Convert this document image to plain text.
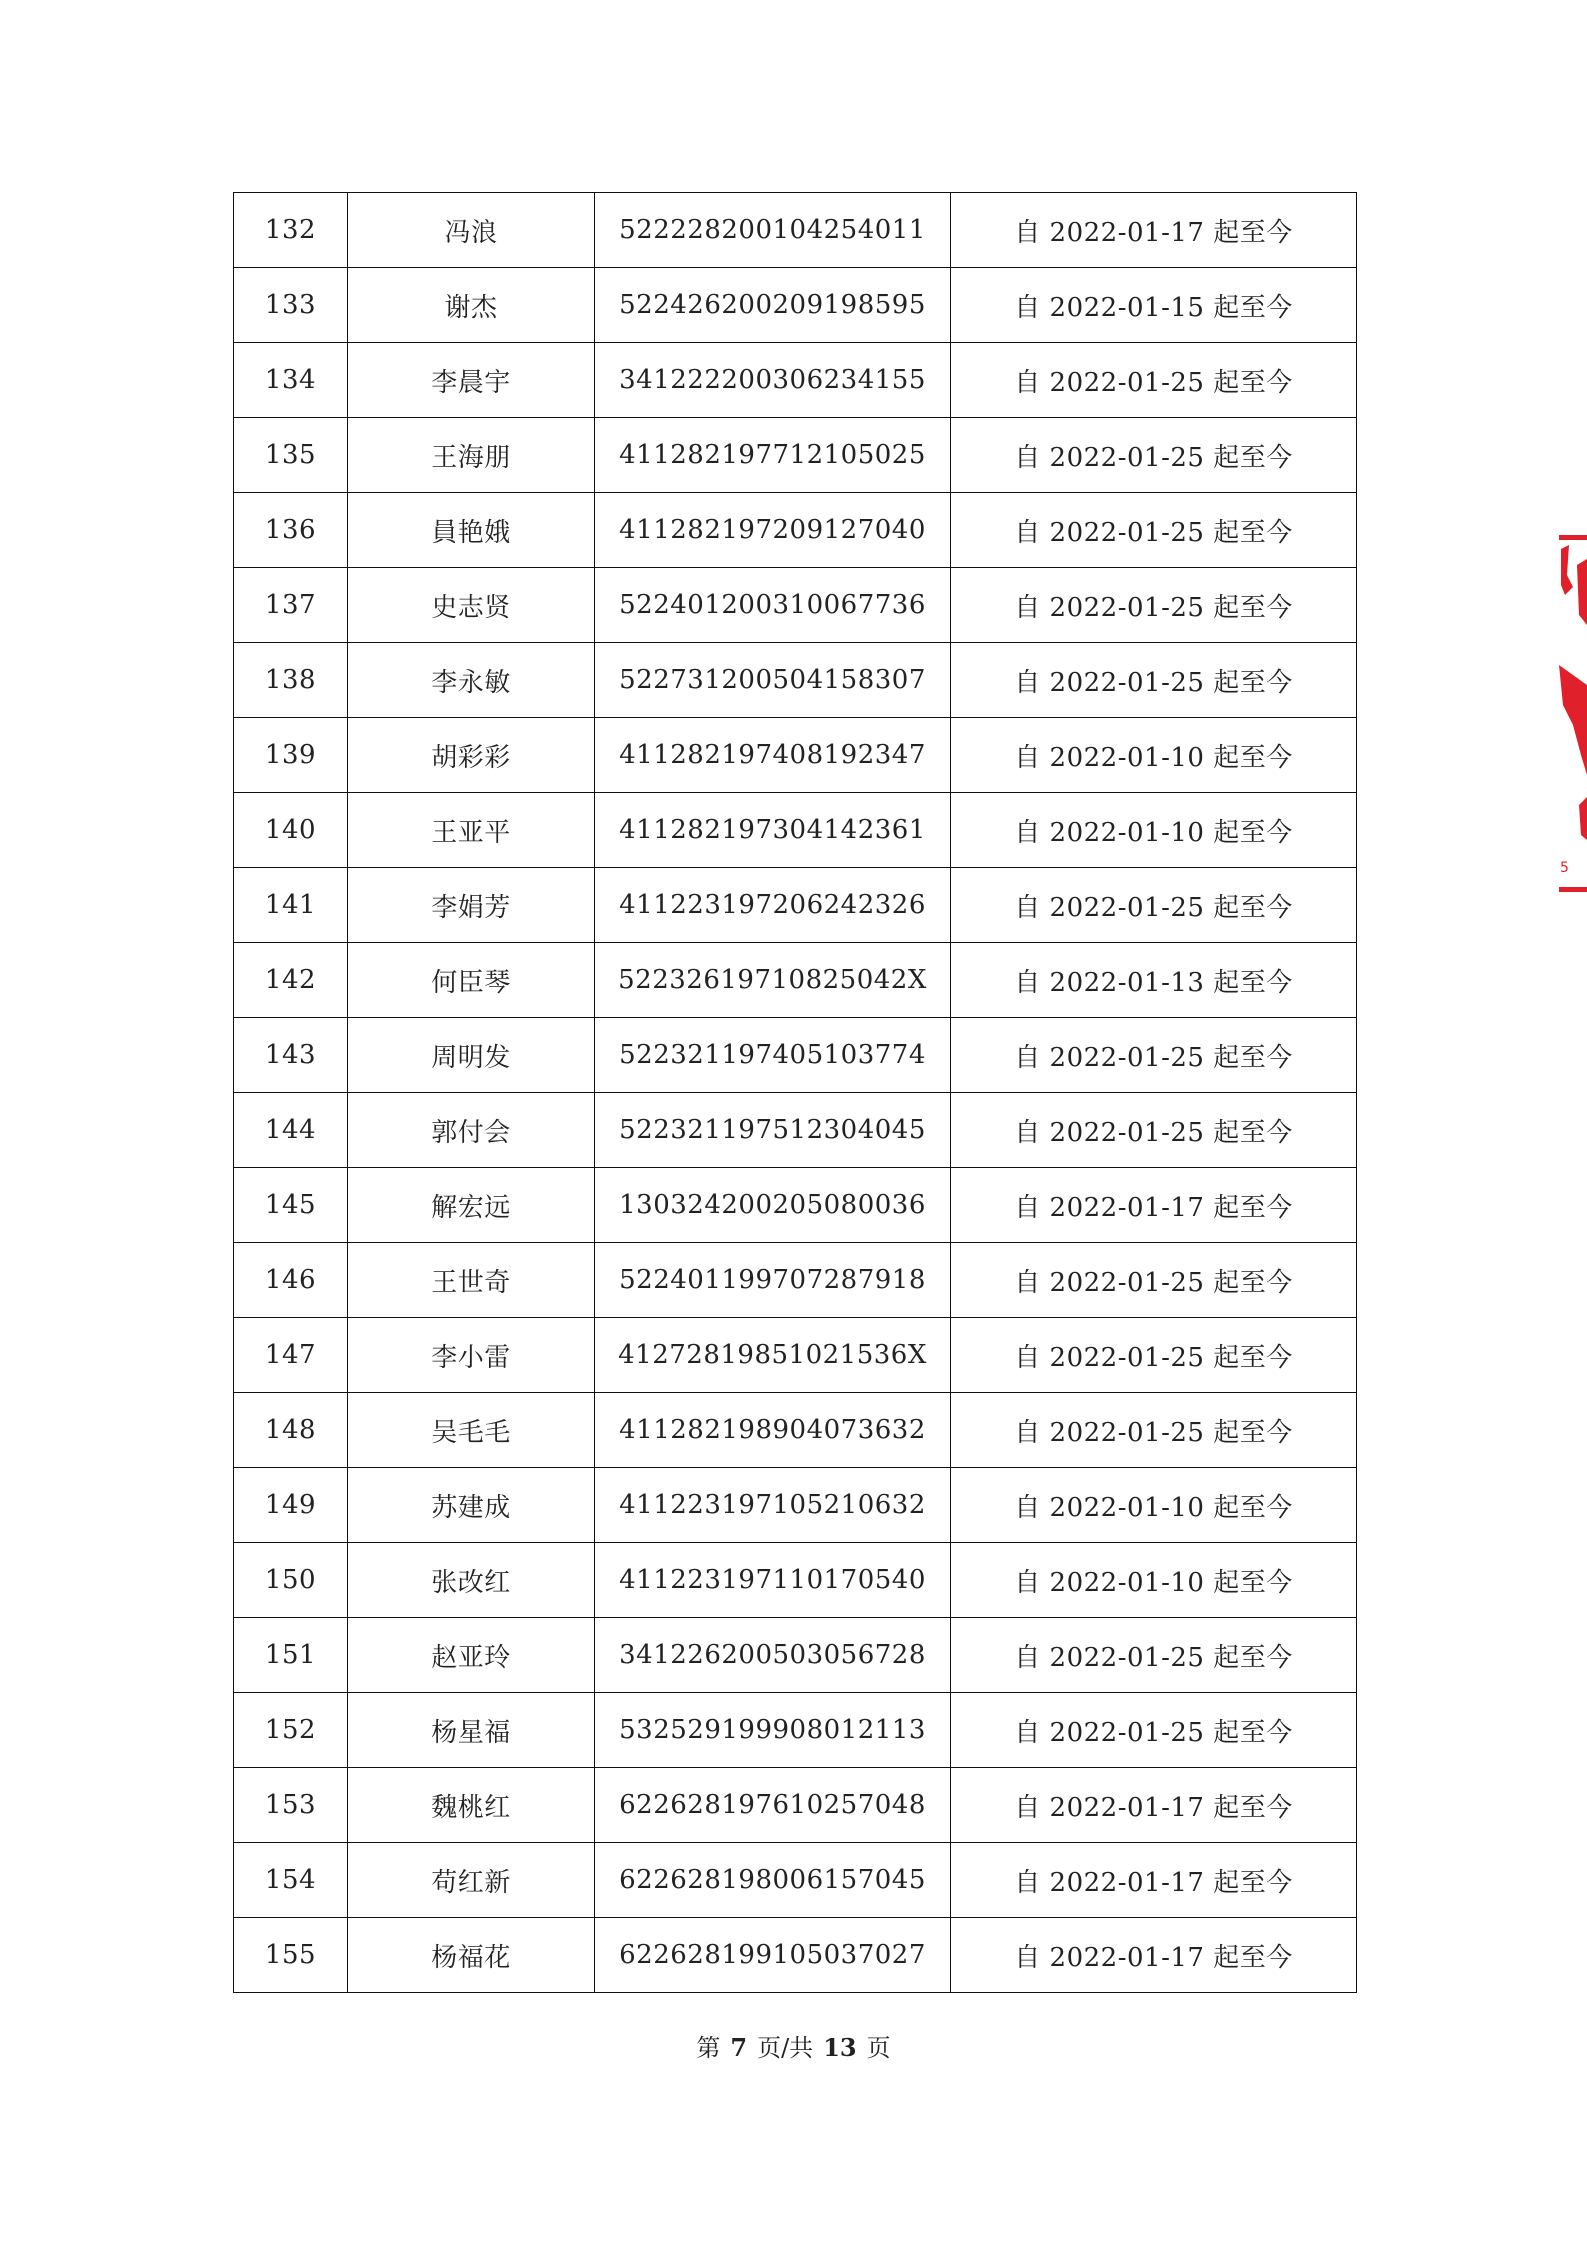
132	冯浪	522228200104254011	自 2022-01-17 起至今
133	谢杰	522426200209198595	自 2022-01-15 起至今
134	李晨宇	341222200306234155	自 2022-01-25 起至今
135	王海朋	411282197712105025	自 2022-01-25 起至今
136	員艳娥	411282197209127040	自 2022-01-25 起至今
137	史志贤	522401200310067736	自 2022-01-25 起至今
138	李永敏	522731200504158307	自 2022-01-25 起至今
139	胡彩彩	411282197408192347	自 2022-01-10 起至今
140	王亚平	411282197304142361	自 2022-01-10 起至今
141	李娟芳	411223197206242326	自 2022-01-25 起至今
142	何臣琴	52232619710825042X	自 2022-01-13 起至今
143	周明发	522321197405103774	自 2022-01-25 起至今
144	郭付会	522321197512304045	自 2022-01-25 起至今
145	解宏远	130324200205080036	自 2022-01-17 起至今
146	王世奇	522401199707287918	自 2022-01-25 起至今
147	李小雷	41272819851021536X	自 2022-01-25 起至今
148	吴毛毛	411282198904073632	自 2022-01-25 起至今
149	苏建成	411223197105210632	自 2022-01-10 起至今
150	张改红	411223197110170540	自 2022-01-10 起至今
151	赵亚玲	341226200503056728	自 2022-01-25 起至今
152	杨星福	532529199908012113	自 2022-01-25 起至今
153	魏桃红	622628197610257048	自 2022-01-17 起至今
154	苟红新	622628198006157045	自 2022-01-17 起至今
155	杨福花	622628199105037027	自 2022-01-17 起至今
第 7 页/共 13 页
5
